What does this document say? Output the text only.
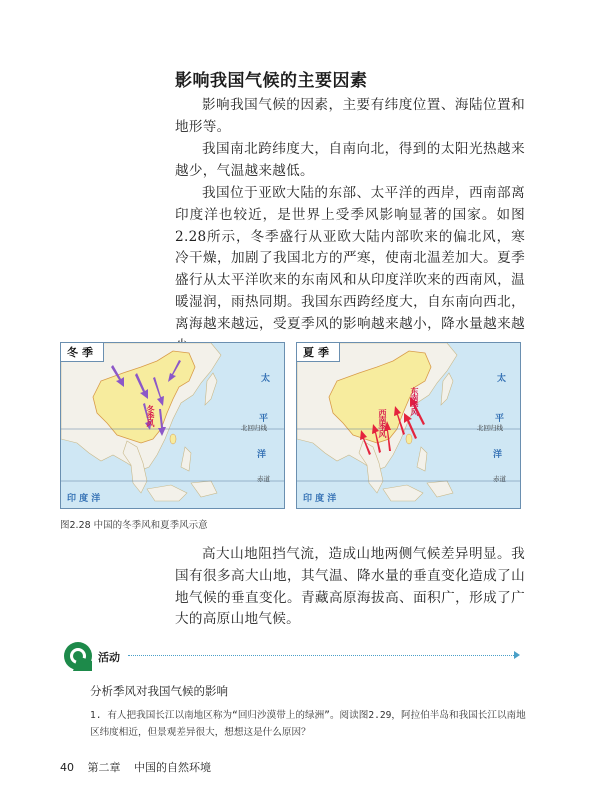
影响我国气候的主要因素

影响我国气候的因素，主要有纬度位置、海陆位置和地形等。

我国南北跨纬度大，自南向北，得到的太阳光热越来越少，气温越来越低。

我国位于亚欧大陆的东部、太平洋的西岸，西南部离印度洋也较近，是世界上受季风影响显著的国家。如图2.28所示，冬季盛行从亚欧大陆内部吹来的偏北风，寒冷干燥，加剧了我国北方的严寒，使南北温差加大。夏季盛行从太平洋吹来的东南风和从印度洋吹来的西南风，温暖湿润，雨热同期。我国东西跨经度大，自东南向西北，离海越来越远，受夏季风的影响越来越小，降水量越来越

冬季
冬季风
太
平
洋
北回归线
赤道
印 度 洋
夏季
东南季风
西南季风
太
平
洋
北回归线
赤道
印 度 洋
图2.28 中国的冬季风和夏季风示意

高大山地阻挡气流，造成山地两侧气候差异明显。我国有很多高大山地，其气温、降水量的垂直变化造成了山地气候的垂直变化。青藏高原海拔高、面积广，形成了广大的高原山地气候。

活动
分析季风对我国气候的影响

1. 有人把我国长江以南地区称为“回归沙漠带上的绿洲”。阅读图2.29，阿拉伯半岛和我国长江以南地区纬度相近，但景观差异很大，想想这是什么原因？

40 第二章 中国的自然环境
